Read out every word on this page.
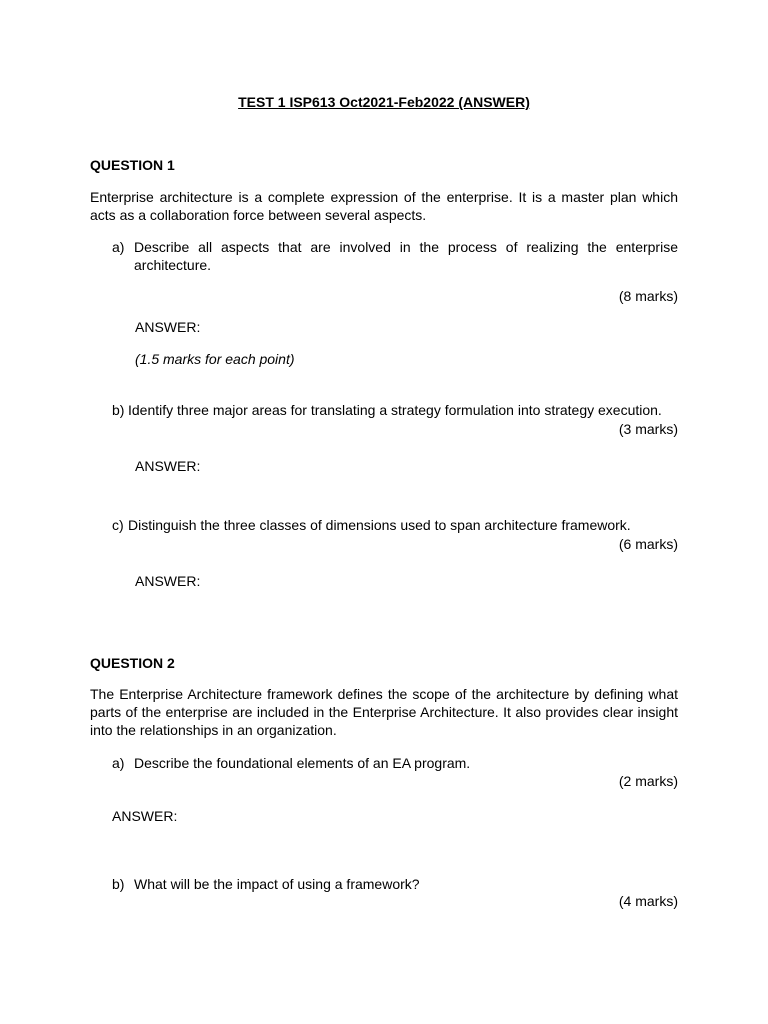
TEST 1 ISP613 Oct2021-Feb2022 (ANSWER)
QUESTION 1
Enterprise architecture is a complete expression of the enterprise. It is a master plan which acts as a collaboration force between several aspects.
a) Describe all aspects that are involved in the process of realizing the enterprise architecture.
(8 marks)
ANSWER:
(1.5 marks for each point)
b) Identify three major areas for translating a strategy formulation into strategy execution.
(3 marks)
ANSWER:
c) Distinguish the three classes of dimensions used to span architecture framework.
(6 marks)
ANSWER:
QUESTION 2
The Enterprise Architecture framework defines the scope of the architecture by defining what parts of the enterprise are included in the Enterprise Architecture. It also provides clear insight into the relationships in an organization.
a) Describe the foundational elements of an EA program.
(2 marks)
ANSWER:
b) What will be the impact of using a framework?
(4 marks)
